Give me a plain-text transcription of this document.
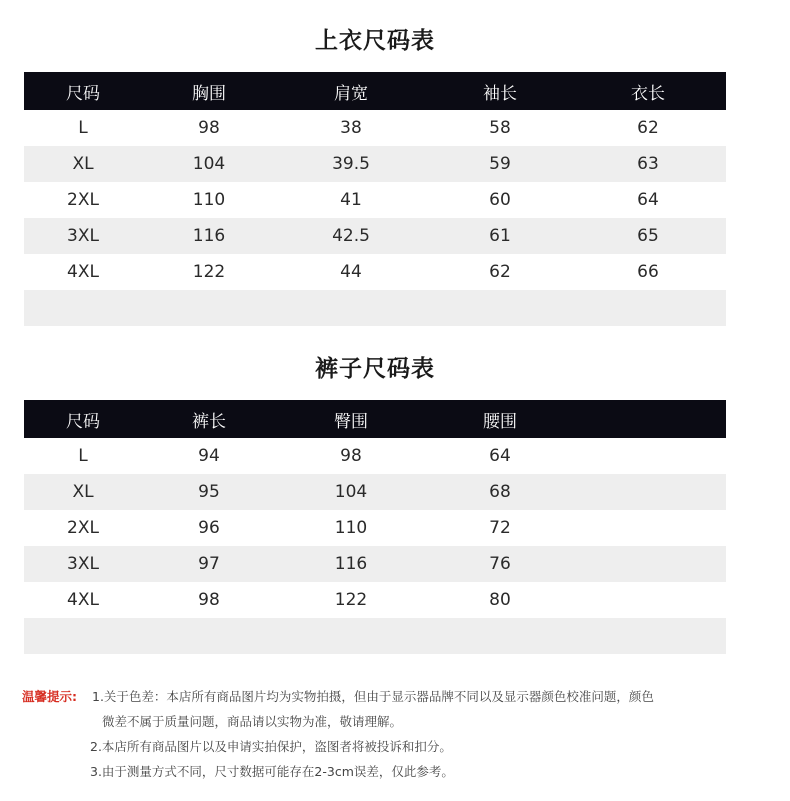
上衣尺码表
尺码	胸围	肩宽	袖长	衣长
L	98	38	58	62
XL	104	39.5	59	63
2XL	110	41	60	64
3XL	116	42.5	61	65
4XL	122	44	62	66
裤子尺码表
尺码	裤长	臀围	腰围
L	94	98	64
XL	95	104	68
2XL	96	110	72
3XL	97	116	76
4XL	98	122	80
温馨提示: 1.关于色差：本店所有商品图片均为实物拍摄，但由于显示器品牌不同以及显示器颜色校准问题，颜色
微差不属于质量问题，商品请以实物为准，敬请理解。
2.本店所有商品图片以及申请实拍保护，盗图者将被投诉和扣分。
3.由于测量方式不同，尺寸数据可能存在2-3cm误差，仅此参考。
